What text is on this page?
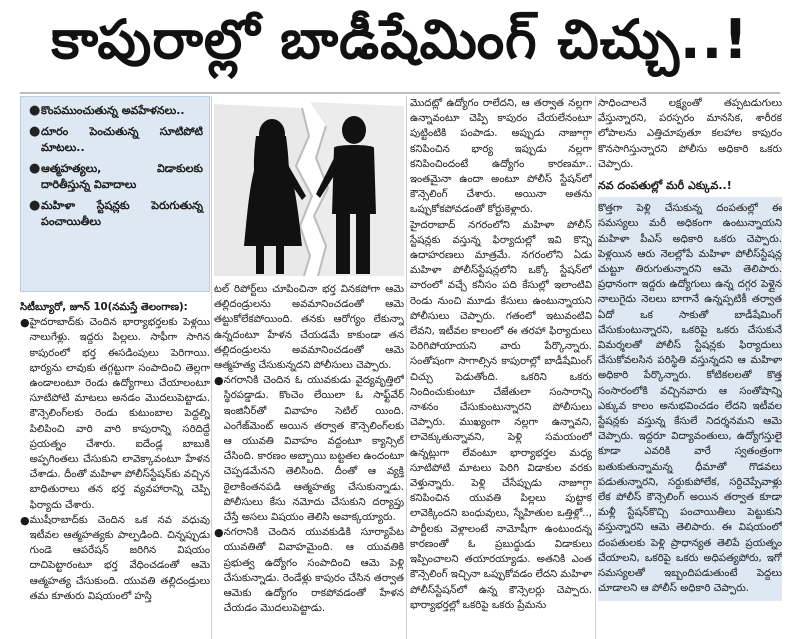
కాపురాల్లో బాడీషేమింగ్ చిచ్చు..!
● కొంపముంచుతున్న అవహేళనలు..
● దూరం పెంచుతున్న సూటిపోటి మాటలు..
● ఆత్మహత్యలు, విడాకులకు దారితీస్తున్న వివాదాలు
● మహిళా స్టేషన్లకు పెరుగుతున్న పంచాయితీలు

సిటీబ్యూరో, జూన్ 10(నమస్తే తెలంగాణ):

● హైదరాబాద్‌కు చెందిన భార్యాభర్తలకు పెళ్లయి నాలుగేళ్లు. ఇద్దరు పిల్లలు. సాఫీగా సాగిన కాపురంలో భర్త ఈసడింపులు పెరిగాయి. భార్యను లావుకు తగ్గట్టుగా సంపాదించి తెల్లగా ఉండాలంటూ రెండు ఉద్యోగాలు చేయాలంటూ సూటిపోటి మాటలు అనడం మొదలుపెట్టాడు. కౌన్సెలింగ్‌లకు రెండు కుటుంబాల పెద్దల్ని పిలిపించి వారి వారి కాపురాన్ని సరిదిద్దే ప్రయత్నం చేశారు. ఐదేండ్ల బాబుకి అప్పగింతలు చేసుకుని లావెక్కావంటూ హేళన చేశాడు. దీంతో మహిళా పోలీస్‌స్టేషన్‌కు వచ్చిన బాధితురాలు తన భర్త వ్యవహారాన్ని చెప్పి ఫిర్యాదు చేశారు.
● ముషీరాబాద్‌కు చెందిన ఒక నవ వధువు ఇటీవల ఆత్మహత్యకు పాల్పడింది. చిన్నప్పుడు గుండె ఆపరేషన్ జరిగిన విషయం దాచిపెట్టారంటూ భర్త వేధించడంతో ఆమె ఆత్మహత్య చేసుకుంది. యువతి తల్లిదండ్రులు తమ కూతురు విషయంలో హస్తి

టల్ రిపోర్ట్‌లు చూపించినా భర్త వినకపోగా ఆమె తల్లిదండ్రులను అవమానించడంతో ఆమె తట్టుకోలేకపోయింది. తనకు ఆరోగ్యం లేకున్నా ఉన్నదంటూ హేళన చేయడమే కాకుండా తన తల్లిదండ్రులను అవమానించడంతో ఆమె ఆత్మహత్య చేసుకున్నదని పోలీసులు చెప్పారు.

● నగరానికి చెందిన ఓ యువకుడు వైద్యవృత్తిలో స్థిరపడ్డాడు. కొంచెం లేయిలా ఓ సాఫ్ట్‌వేర్ ఇంజినీర్‌తో వివాహం సెటిల్ యింది. ఎంగేజ్‌మెంట్ అయిన తర్వాత కౌన్సెలింగ్‌లకు ఆ యువతి వివాహం వద్దంటూ క్యాన్సిల్ చేసింది. కారణం అబ్బాయి బట్టతల ఉందంటూ చెప్పడమేనని తెలిసింది. దీంతో ఆ వ్యక్తి ఠైలాకింతనపడి ఆత్మహత్య చేసుకున్నాడు. పోలీసులు కేసు నమోదు చేసుకుని దర్యాప్తు చేస్తే అసలు విషయం తెలిసి అవాక్కయ్యారు.
● నగరానికి చెందిన యువకుడికి సూర్యాపేట యువతితో వివాహమైంది. ఆ యువతికి ప్రభుత్వ ఉద్యోగం సంపాదించి ఆమె పెళ్లి చేసుకున్నాడు. రెండేళ్లు కాపురం చేసిన తర్వాత ఆమెకు ఉద్యోగం రాకపోవడంతో హేళన చేయడం మొదలుపెట్టాడు.

మొదట్లో ఉద్యోగం రాలేదని, ఆ తర్వాత నల్లగా ఉన్నావంటూ చెప్పి కాపురం చేయలేనంటూ పుట్టింటికి పంపాడు. అప్పుడు నాజూగ్గా కనిపించిన భార్య ఇప్పుడు నల్లగా కనిపించిందంటే ఉద్యోగం కారణమా.. ఇంతమైనా ఉందా అంటూ పోలీస్ స్టేషన్‌లో కౌన్సెలింగ్ చేశారు. అయినా అతను ఒప్పుకోకపోవడంతో కోర్టుకెళ్లారు.

హైదరాబాద్ నగరంలోని మహిళా పోలీస్ స్టేషన్లకు వస్తున్న ఫిర్యాదుల్లో ఇవి కొన్ని ఉదాహరణలు మాత్రమే. నగరంలోని ఏడు మహిళా పోలీస్‌స్టేషన్లలోని ఒక్కో స్టేషన్‌లో వారంలో వచ్చే కనీసం పది కేసుల్లో ఇలాంటివి రెండు నుంచి మూడు కేసులు ఉంటున్నాయని పోలీసులు చెప్పారు. గతంలో ఇటువంటివి లేవని, ఇటీవల కాలంలో ఈ తరహా ఫిర్యాదులు పెరిగిపోయాయని వారు పేర్కొన్నారు. సంతోషంగా సాగాల్సిన కాపురాల్లో బాడీషేమింగ్ చిచ్చు పెడుతోంది. ఒకరిని ఒకరు నిందించుకుంటూ చేజేతులా సంసారాన్ని నాశనం చేసుకుంటున్నారని పోలీసులు చెప్పారు. ముఖ్యంగా నల్లగా ఉన్నావని, లావెక్కుతున్నావని, పెళ్లి సమయంలో ఉన్నట్లుగా లేవంటూ భార్యాభర్తల మధ్య సూటిపోటి మాటలు పెరిగి విడాకుల వరకు వెళ్తున్నారు. పెళ్లి చేసేప్పుడు నాజూగ్గా కనిపించిన యువతి పిల్లలు పుట్టాక లావెక్కిందని బంధువులు, స్నేహితుల ఒత్తిళ్లో.., పార్టీలకు వెళ్లాలంటే నామోషీగా ఉంటుందన్న కారణంతో ఓ ప్రబుద్ధుడు విడాకులు ఇప్పించాలని తయారయ్యాడు. అతనికి ఎంత కౌన్సెలింగ్ ఇచ్చినా ఒప్పుకోవడం లేదని మహిళా పోలీస్‌స్టేషన్‌లో ఉన్న కౌన్సెలర్లు చెప్పారు. భార్యాభర్తల్లో ఒకరిపై ఒకరు ప్రేమను

సాధించాలనే లక్ష్యంతో తప్పటడుగులు వేస్తున్నారని, పరస్పరం మానసిక, శారీరక లోపాలను ఎత్తిచూపుతూ కలహాల కాపురం కొనసాగిస్తున్నారని పోలీసు అధికారి ఒకరు చెప్పారు.

నవ దంపతుల్లో మరీ ఎక్కువ..!

కొత్తగా పెళ్లి చేసుకున్న దంపతుల్లో ఈ సమస్యలు మరీ అధికంగా ఉంటున్నాయని మహిళా పీఎస్ అధికారి ఒకరు చెప్పారు. పెళ్లయిన ఆరు నెలల్లోపే మహిళా పోలీస్‌స్టేషన్ల చుట్టూ తిరుగుతున్నారని ఆమె తెలిపారు. ప్రధానంగా ఇద్దరు ఉద్యోగులు ఉన్న దగ్గర పెళ్లైన నాలుగైదు నెలలు బాగానే ఉన్నప్పటికీ తర్వాత ఏదో ఒక సాకుతో బాడీషేమింగ్ చేసుకుంటున్నారని, ఒకరిపై ఒకరు చేసుకునే విమర్శలతో పోలీస్ స్టేషన్లకు ఫిర్యాదులు చేసుకోవలసిన పరిస్థితి వస్తున్నదని ఆ మహిళా అధికారి పేర్కొన్నారు. కోటికలలతో కొత్త సంసారంలోకి వచ్చినవారు ఆ సంతోషాన్ని ఎక్కువ కాలం అనుభవించడం లేదని ఇటీవల స్టేషన్లకు వస్తున్న కేసులే నిదర్శనమని ఆమె చెప్పారు. ఇద్దరూ విద్యావంతులు, ఉద్యోగస్తులై కూడా ఎవరికి వారే స్వతంత్రంగా బతుకుతున్నామన్న ధీమాతో గొడవలు పడుతున్నారని, సర్దుకుపోలేక, సర్దిచెప్పేవాళ్లు లేక పోలీస్ కౌన్సెలింగ్ అయిన తర్వాత కూడా మళ్లీ స్టేషన్‌కొచ్చి పంచాయితీలు పెట్టుకుని వస్తున్నారని ఆమె తెలిపారు. ఈ విషయంలో దంపతులకు పెళ్లి ప్రాధాన్యత తెలిపే ప్రయత్నం చేయాలని, ఒకరిపై ఒకరు అధిపత్యపోరు, ఇగో సమస్యలతో ఇబ్బందిపడుతుంటే పెద్దలు చూడాలని ఆ పోలీస్ అధికారి చెప్పారు.
